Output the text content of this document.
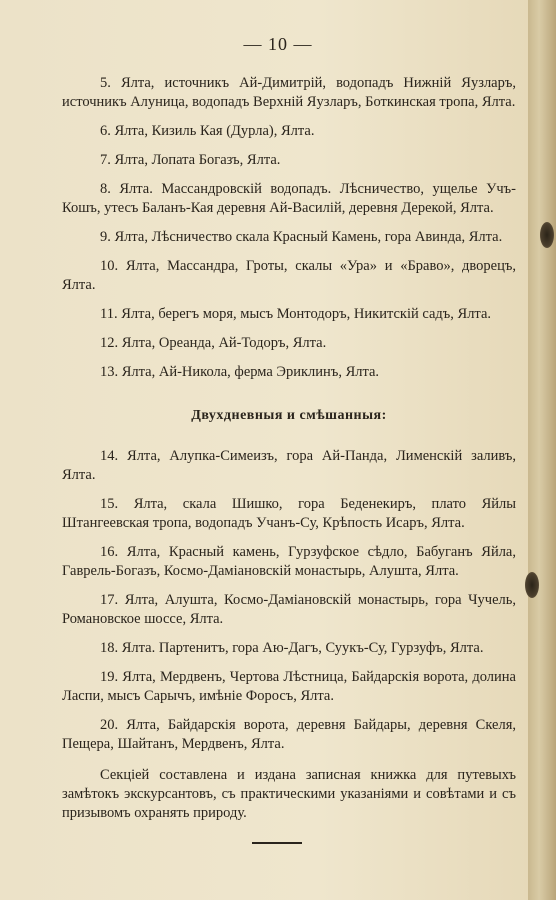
— 10 —

5. Ялта, источникъ Ай-Димитрій, водопадъ Нижній Яузларъ, источникъ Алуница, водопадъ Верхній Яузларъ, Боткинская тропа, Ялта.

6. Ялта, Кизиль Кая (Дурла), Ялта.

7. Ялта, Лопата Богазъ, Ялта.

8. Ялта. Массандровскій водопадъ. Лѣсничество, ущелье Учъ-Кошъ, утесъ Баланъ-Кая деревня Ай-Василій, деревня Дерекой, Ялта.

9. Ялта, Лѣсничество скала Красный Камень, гора Авинда, Ялта.

10. Ялта, Массандра, Гроты, скалы «Ура» и «Браво», дворецъ, Ялта.

11. Ялта, берегъ моря, мысъ Монтодоръ, Никитскій садъ, Ялта.

12. Ялта, Ореанда, Ай-Тодоръ, Ялта.

13. Ялта, Ай-Никола, ферма Эриклинъ, Ялта.

Двухдневныя и смѣшанныя:

14. Ялта, Алупка-Симеизъ, гора Ай-Панда, Лименскій заливъ, Ялта.

15. Ялта, скала Шишко, гора Беденекиръ, плато Яйлы Штангеевская тропа, водопадъ Учанъ-Су, Крѣпость Исаръ, Ялта.

16. Ялта, Красный камень, Гурзуфское сѣдло, Бабуганъ Яйла, Гаврель-Богазъ, Космо-Даміановскій монастырь, Алушта, Ялта.

17. Ялта, Алушта, Космо-Даміановскій монастырь, гора Чучель, Романовское шоссе, Ялта.

18. Ялта. Партенитъ, гора Аю-Дагъ, Суукъ-Су, Гурзуфъ, Ялта.

19. Ялта, Мердвенъ, Чертова Лѣстница, Байдарскія ворота, долина Ласпи, мысъ Сарычъ, имѣніе Форосъ, Ялта.

20. Ялта, Байдарскія ворота, деревня Байдары, деревня Скеля, Пещера, Шайтанъ, Мердвенъ, Ялта.

Секціей составлена и издана записная книжка для путевыхъ замѣтокъ экскурсантовъ, съ практическими указаніями и совѣтами и съ призывомъ охранять природу.
